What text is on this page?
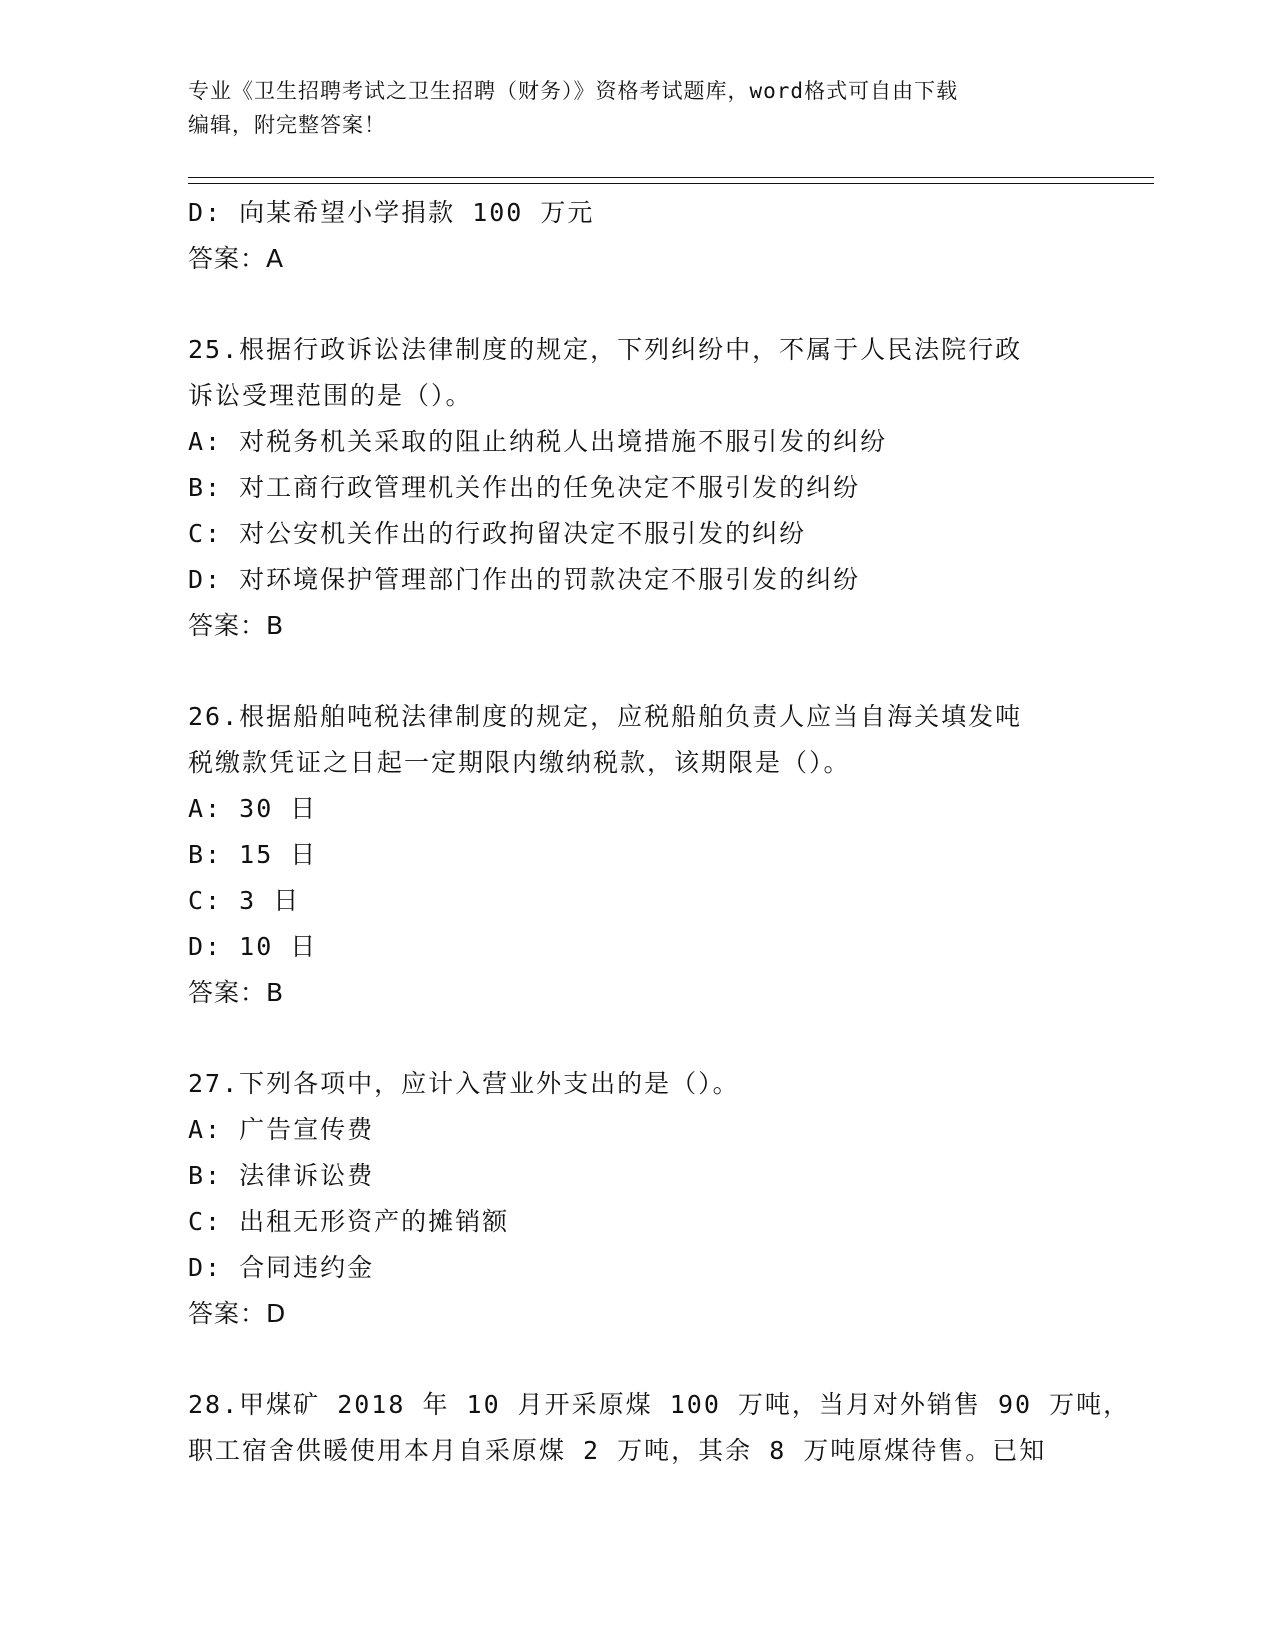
专业《卫生招聘考试之卫生招聘（财务）》资格考试题库，word格式可自由下载
编辑，附完整答案！
D: 向某希望小学捐款 100 万元
答案：A
25.根据行政诉讼法律制度的规定，下列纠纷中，不属于人民法院行政
诉讼受理范围的是（）。
A: 对税务机关采取的阻止纳税人出境措施不服引发的纠纷
B: 对工商行政管理机关作出的任免决定不服引发的纠纷
C: 对公安机关作出的行政拘留决定不服引发的纠纷
D: 对环境保护管理部门作出的罚款决定不服引发的纠纷
答案：B
26.根据船舶吨税法律制度的规定，应税船舶负责人应当自海关填发吨
税缴款凭证之日起一定期限内缴纳税款，该期限是（）。
A: 30 日
B: 15 日
C: 3 日
D: 10 日
答案：B
27.下列各项中，应计入营业外支出的是（）。
A: 广告宣传费
B: 法律诉讼费
C: 出租无形资产的摊销额
D: 合同违约金
答案：D
28.甲煤矿 2018 年 10 月开采原煤 100 万吨，当月对外销售 90 万吨，
职工宿舍供暖使用本月自采原煤 2 万吨，其余 8 万吨原煤待售。已知
